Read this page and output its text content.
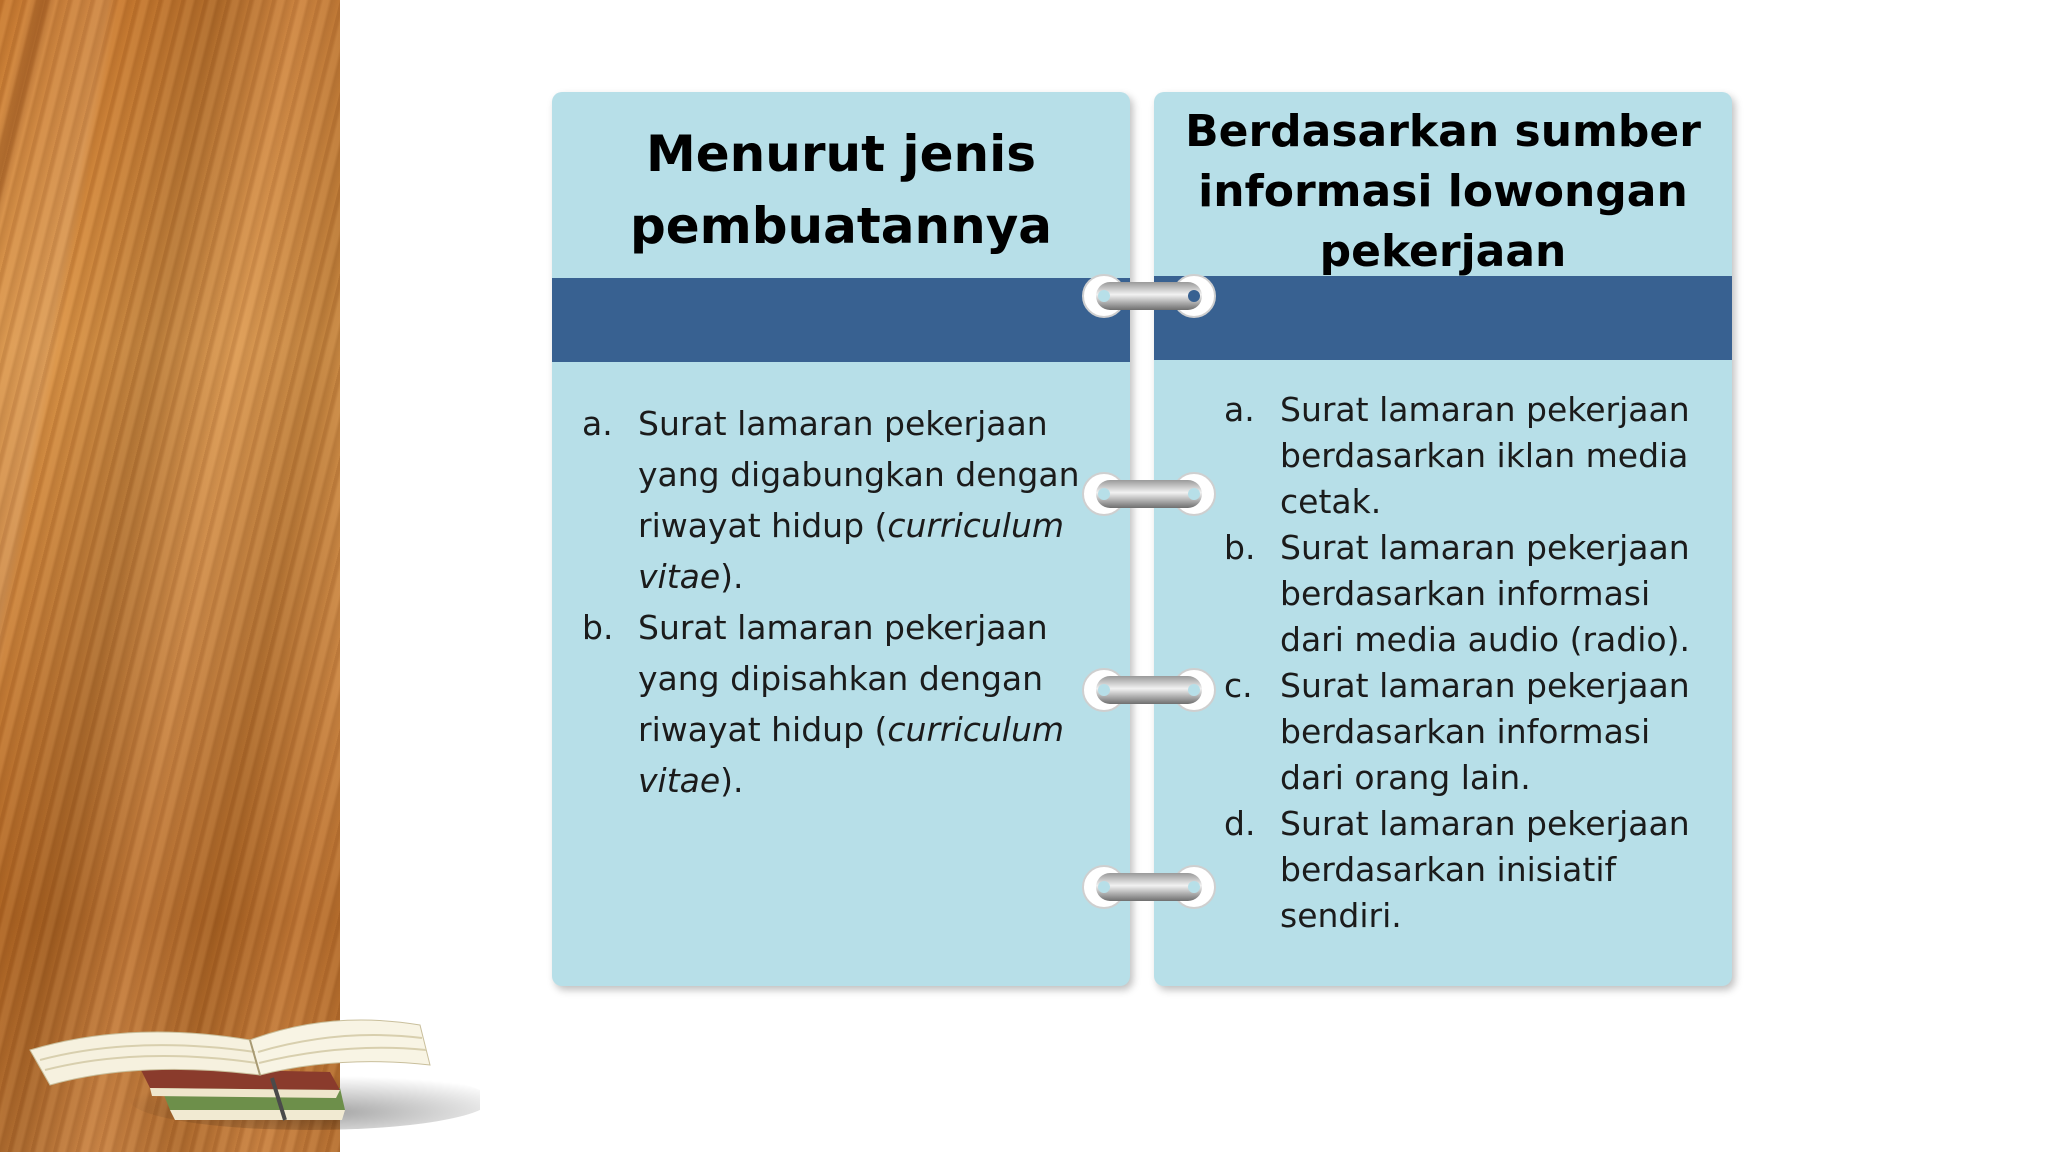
Menurut jenis
pembuatannya
a. Surat lamaran pekerjaan
yang digabungkan dengan
riwayat hidup (curriculum
vitae).
b. Surat lamaran pekerjaan
yang dipisahkan dengan
riwayat hidup (curriculum
vitae).
Berdasarkan sumber
informasi lowongan
pekerjaan
a. Surat lamaran pekerjaan
berdasarkan iklan media
cetak.
b. Surat lamaran pekerjaan
berdasarkan informasi
dari media audio (radio).
c. Surat lamaran pekerjaan
berdasarkan informasi
dari orang lain.
d. Surat lamaran pekerjaan
berdasarkan inisiatif
sendiri.
